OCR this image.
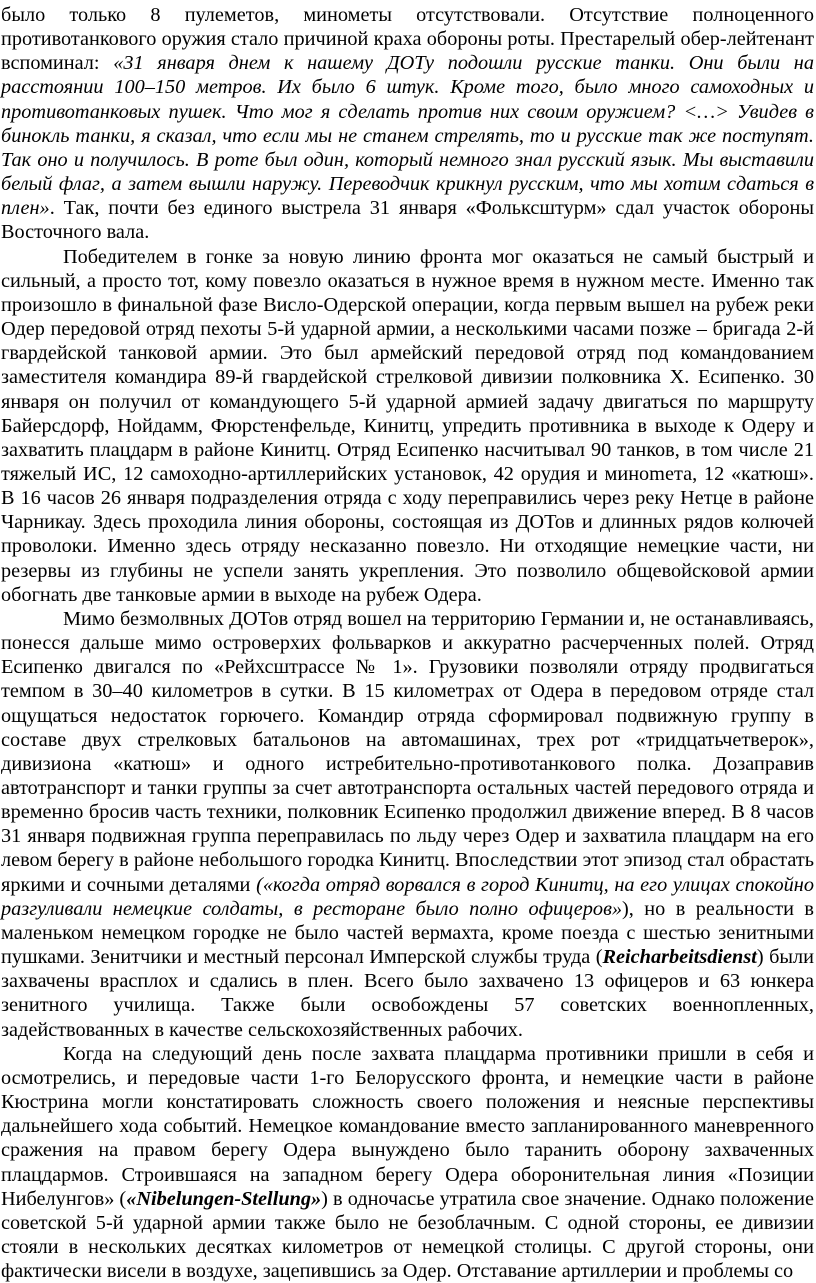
было только 8 пулеметов, минометы отсутствовали. Отсутствие полноценного противотанкового оружия стало причиной краха обороны роты. Престарелый обер-лейтенант вспоминал: «31 января днем к нашему ДОТу подошли русские танки. Они были на расстоянии 100–150 метров. Их было 6 штук. Кроме того, было много самоходных и противотанковых пушек. Что мог я сделать против них своим оружием? <…> Увидев в бинокль танки, я сказал, что если мы не станем стрелять, то и русские так же поступят. Так оно и получилось. В роте был один, который немного знал русский язык. Мы выставили белый флаг, а затем вышли наружу. Переводчик крикнул русским, что мы хотим сдаться в плен». Так, почти без единого выстрела 31 января «Фольксштурм» сдал участок обороны Восточного вала.

Победителем в гонке за новую линию фронта мог оказаться не самый быстрый и сильный, а просто тот, кому повезло оказаться в нужное время в нужном месте. Именно так произошло в финальной фазе Висло-Одерской операции, когда первым вышел на рубеж реки Одер передовой отряд пехоты 5-й ударной армии, а несколькими часами позже – бригада 2-й гвардейской танковой армии. Это был армейский передовой отряд под командованием заместителя командира 89-й гвардейской стрелковой дивизии полковника Х. Есипенко. 30 января он получил от командующего 5-й ударной армией задачу двигаться по маршруту Байерсдорф, Нойдамм, Фюрстенфельде, Кинитц, упредить противника в выходе к Одеру и захватить плацдарм в районе Кинитц. Отряд Есипенко насчитывал 90 танков, в том числе 21 тяжелый ИС, 12 самоходно-артиллерийских установок, 42 орудия и минomета, 12 «катюш». В 16 часов 26 января подразделения отряда с ходу переправились через реку Нетце в районе Чарникау. Здесь проходила линия обороны, состоящая из ДОТов и длинных рядов колючей проволоки. Именно здесь отряду несказанно повезло. Ни отходящие немецкие части, ни резервы из глубины не успели занять укрепления. Это позволило общевойсковой армии обогнать две танковые армии в выходе на рубеж Одера.

Мимо безмолвных ДОТов отряд вошел на территорию Германии и, не останавливаясь, понесся дальше мимо островерхих фольварков и аккуратно расчерченных полей. Отряд Есипенко двигался по «Рейхсштрассе № 1». Грузовики позволяли отряду продвигаться темпом в 30–40 километров в сутки. В 15 километрах от Одера в передовом отряде стал ощущаться недостаток горючего. Командир отряда сформировал подвижную группу в составе двух стрелковых батальонов на автомашинах, трех рот «тридцатьчетверок», дивизиона «катюш» и одного истребительно-противотанкового полка. Дозаправив автотранспорт и танки группы за счет автотранспорта остальных частей передового отряда и временно бросив часть техники, полковник Есипенко продолжил движение вперед. В 8 часов 31 января подвижная группа переправилась по льду через Одер и захватила плацдарм на его левом берегу в районе небольшого городка Кинитц. Впоследствии этот эпизод стал обрастать яркими и сочными деталями («когда отряд ворвался в город Кинитц, на его улицах спокойно разгуливали немецкие солдаты, в ресторане было полно офицеров»), но в реальности в маленьком немецком городке не было частей вермахта, кроме поезда с шестью зенитными пушками. Зенитчики и местный персонал Имперской службы труда (Reicharbeitsdienst) были захвачены врасплох и сдались в плен. Всего было захвачено 13 офицеров и 63 юнкера зенитного училища. Также были освобождены 57 советских военнопленных, задействованных в качестве сельскохозяйственных рабочих.

Когда на следующий день после захвата плацдарма противники пришли в себя и осмотрелись, и передовые части 1-го Белорусского фронта, и немецкие части в районе Кюстрина могли констатировать сложность своего положения и неясные перспективы дальнейшего хода событий. Немецкое командование вместо запланированного маневренного сражения на правом берегу Одера вынуждено было таранить оборону захваченных плацдармов. Строившаяся на западном берегу Одера оборонительная линия «Позиции Нибелунгов» («Nibelungen-Stellung») в одночасье утратила свое значение. Однако положение советской 5-й ударной армии также было не безоблачным. С одной стороны, ее дивизии стояли в нескольких десятках километров от немецкой столицы. С другой стороны, они фактически висели в воздухе, зацепившись за Одер. Отставание артиллерии и проблемы со
